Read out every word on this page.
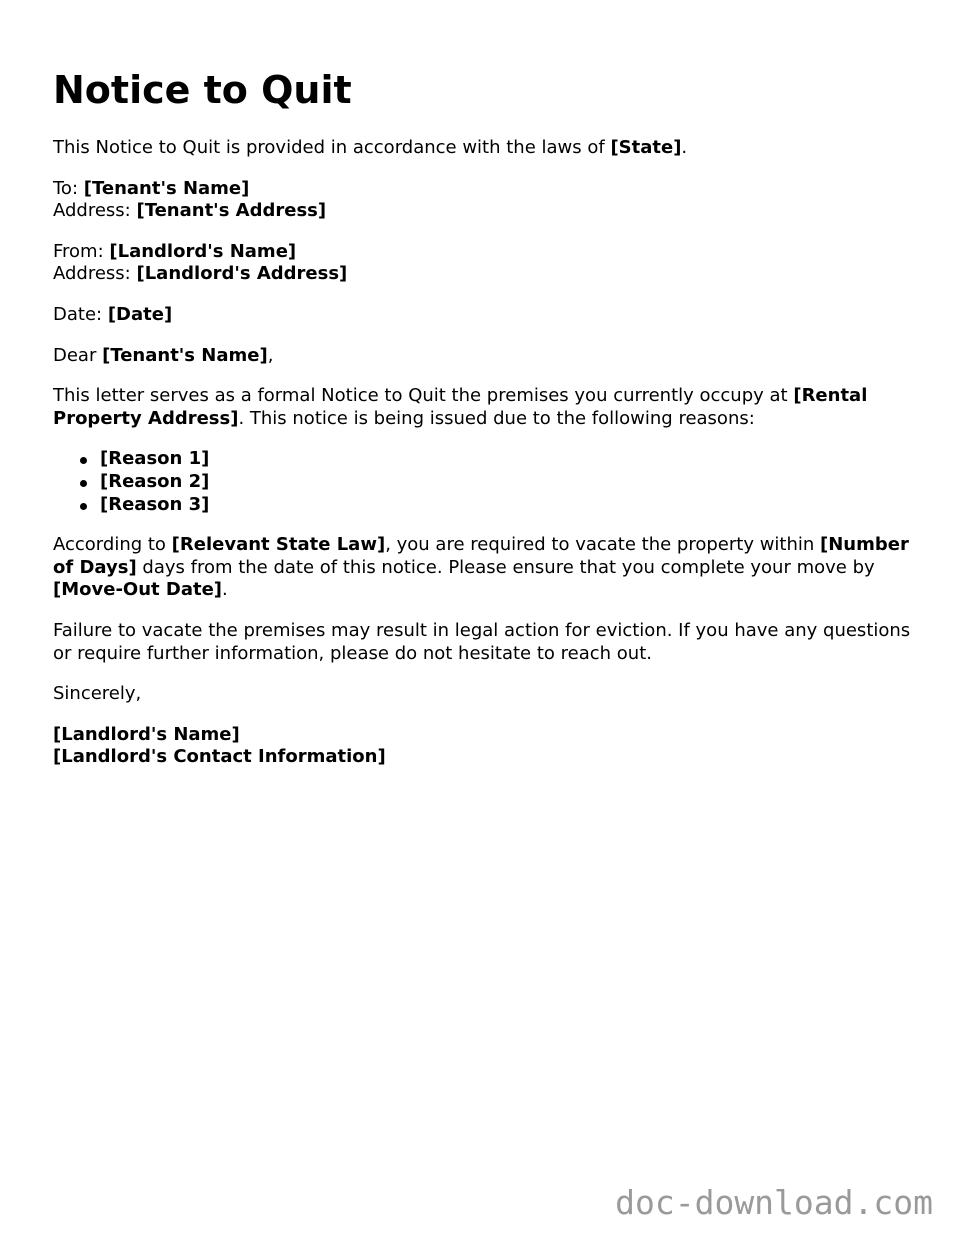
Notice to Quit

This Notice to Quit is provided in accordance with the laws of [State].

To: [Tenant's Name]
Address: [Tenant's Address]

From: [Landlord's Name]
Address: [Landlord's Address]

Date: [Date]

Dear [Tenant's Name],

This letter serves as a formal Notice to Quit the premises you currently occupy at [Rental Property Address]. This notice is being issued due to the following reasons:

[Reason 1]
[Reason 2]
[Reason 3]

According to [Relevant State Law], you are required to vacate the property within [Number of Days] days from the date of this notice. Please ensure that you complete your move by [Move-Out Date].

Failure to vacate the premises may result in legal action for eviction. If you have any questions or require further information, please do not hesitate to reach out.

Sincerely,

[Landlord's Name]
[Landlord's Contact Information]

doc-download.com
